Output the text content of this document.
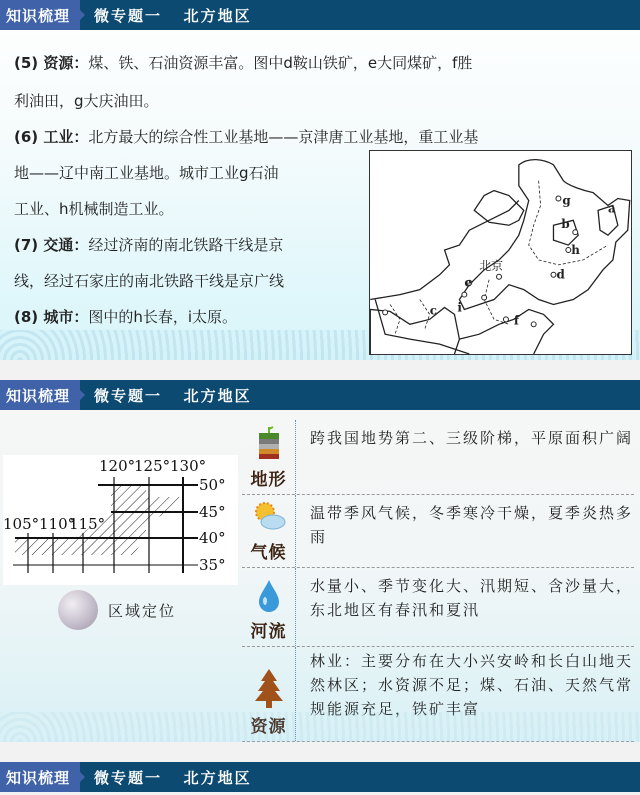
知识梳理	微专题一   北方地区
(5) 资源：煤、铁、石油资源丰富。图中d鞍山铁矿，e大同煤矿，f胜
利油田，g大庆油田。
(6) 工业：北方最大的综合性工业基地——京津唐工业基地，重工业基
地——辽中南工业基地。城市工业g石油
工业、h机械制造工业。
(7) 交通：经过济南的南北铁路干线是京
线，经过石家庄的南北铁路干线是京广线
(8) 城市：图中的h长春，i太原。
a
b
g
h
d
北京
e
i
c
f
知识梳理	微专题一   北方地区
120°
125° 130°
105° 110°
115°
50°
45°
40°
35°
区域定位
地形
跨我国地势第二、三级阶梯，平原面积广阔
气候
温带季风气候，冬季寒冷干燥，夏季炎热多雨
河流
水量小、季节变化大、汛期短、含沙量大，东北地区有春汛和夏汛
资源
林业：主要分布在大小兴安岭和长白山地天然林区；水资源不足；煤、石油、天然气常规能源充足，铁矿丰富
知识梳理	微专题一   北方地区
